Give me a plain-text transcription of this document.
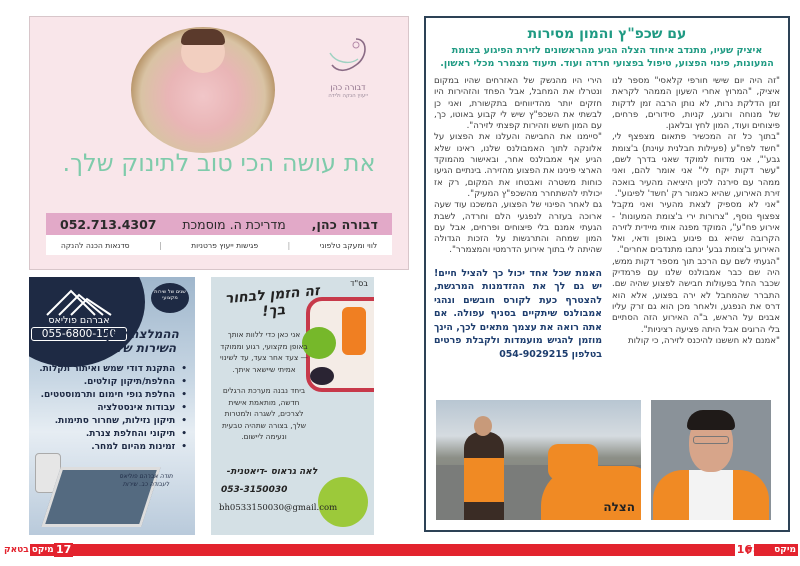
עם שכפ"ץ והמון מסירות
איציק שעיו, מתנדב איחוד הצלה הגיע מהראשונים לזירת הפיגוע בצומת המעונות, פינוי הפצוע, טיפול בפצועי חרדה ועוד. תיעוד מצמרר מכלי ראשון.

"זה היה יום שישי חורפי קלאסי" מספר לנו איציק, "המרוץ אחרי השעון הממהר לקראת זמן הדלקת נרות, לא נותן הרבה זמן לדקות של מנוחה ורוגע, קניות, סידורים, פרחים, פיצוחים ועוד, המון לחץ ובלאגן.

"בתוך כל זה המכשיר פתאום מצפצף לי, "חשד לפח"ע (פעילות חבלנית עוינת) ב'צומת גבע'", אני מדווח למוקד שאני בדרך לשם, "עשר דקות יקח לי" אני אומר להם, ואני ממהר עם סירנה לכיון היציאה מהעיר בואכה זירת האירוע, שהיא כאמור רק 'חשד' לפיגוע".

"אני לא מספיק לצאת מהעיר ואני מקבל צפצוף נוסף, "צרורות ירי ב'צומת המעונות' - אירוע פח"ע", המוקד מפנה אותי מיידית לזירה הקרובה שהיא גם פיגוע באופן ודאי, ואל האירוע ב'צומת גבע' ינתבו מתנדבים אחרים".

"הגעתי לשם עם הרכב תוך מספר דקות ממש, היה שם כבר אמבולנס שלנו עם פרמדיק שכבר החל בפעולות חבישה לפצוע שהיה שם. התברר שהמחבל לא ירה בפצוע, אלא הוא דרס את הנפגע, ולאחר מכן הוא גם זרק עליו אבנים על הראש, ב"ה האירוע הזה הסתיים בלי הרוגים אבל היתה פציעה רציניות".

"אמנם לא חששנו להיכנס לזירה, כי קולות

הירי היו מהנשק של האזרחים שהיו במקום ונטרלו את המחבל, אבל הפחד והזהירות היו חזקים יותר מהדיווחים בתקשורת, ואני כן לבשתי את השכפ"ץ שיש לי קבוע באוטו, כך, עם המון חשש וזהירות קפצתי לזירה".

"סיימנו את החבישה והעלנו את הפצוע על אלונקה לתוך האמבולנס שלנו, ראינו שלא הגיע אף אמבולנס אחר, ובאישור מהמוקד הארצי פינינו את הפצוע מהזירה. בינתיים הגיעו כוחות משטרה ואבטחו את המקום, רק אז יכולתי להשתחרר מהשכפ"ץ המעיק".

גם לאחר הפינוי של הפצוע, המשכנו עוד שעה ארוכה בעזרה לנפגעי הלם וחרדה, לשבת הגעתי אמנם בלי פיצוחים ופרחים, אבל עם המון שמחה והתרגשות על הזכות הגדולה שהיתה לי בתוך אירוע הדרמטי והמצמרר".

האמת שכל אחד יכול כך להציל חיים! יש גם לך את ההזדמנות המרגשת, להצטרף כעת לקורס חובשים ונהגי אמבולנס שיתקיים בסניף עפולה. אם אתה רואה את עצמך מתאים לכך, הינך מוזמן להגיש מועמדות ולקבלת פרטים בטלפון 054-9029215

הצלה
דבורה כהן
ייעוץ הנקה ולידה
את עושה הכי טוב לתינוק שלך.
דבורה כהן,
מדריכת ה. מוסמכת
052.713.4307
לווי ומעקב טלפוני
|
פגישות ייעוץ פרטניות
|
סדנאות הכנה להנקה
אברהם פוליאס
055-6800-150
שנים של שירות מקצועי
ההמלצה שלך השירות שלנו
• התקנת דודי שמש ואיתור תקלות.
• החלפת/תיקון קולטים.
• החלפת גופי חימום ותרמוסטטים.
• עבודות אינסטלציה
• תיקון נזילות, שחרור סתימות.
• תיקוני והחלפת צנרת.
• זמינות מהיום למחר.
תודה אברהם פוליאס לעבודה כב. שירות
בס"ד
זה הזמן לבחור בך!

אני כאן כדי ללוות אותך באופן מקצועי, רגוע וממוקד — צעד אחר צעד, עד לשינוי אמיתי שיישאר איתך.

ביחד נבנה מערכת הרגלים חדשה, מותאמת אישית לצרכים, לשגרה ולמטרות שלך, בצורה שתהיה טבעית ונעימה ליישום.

לאה גראוס -דיאטנית-
053-3150030
bh0533150030@gmail.com
מיקס
בטאק 17	16 מיקס
בטאק
